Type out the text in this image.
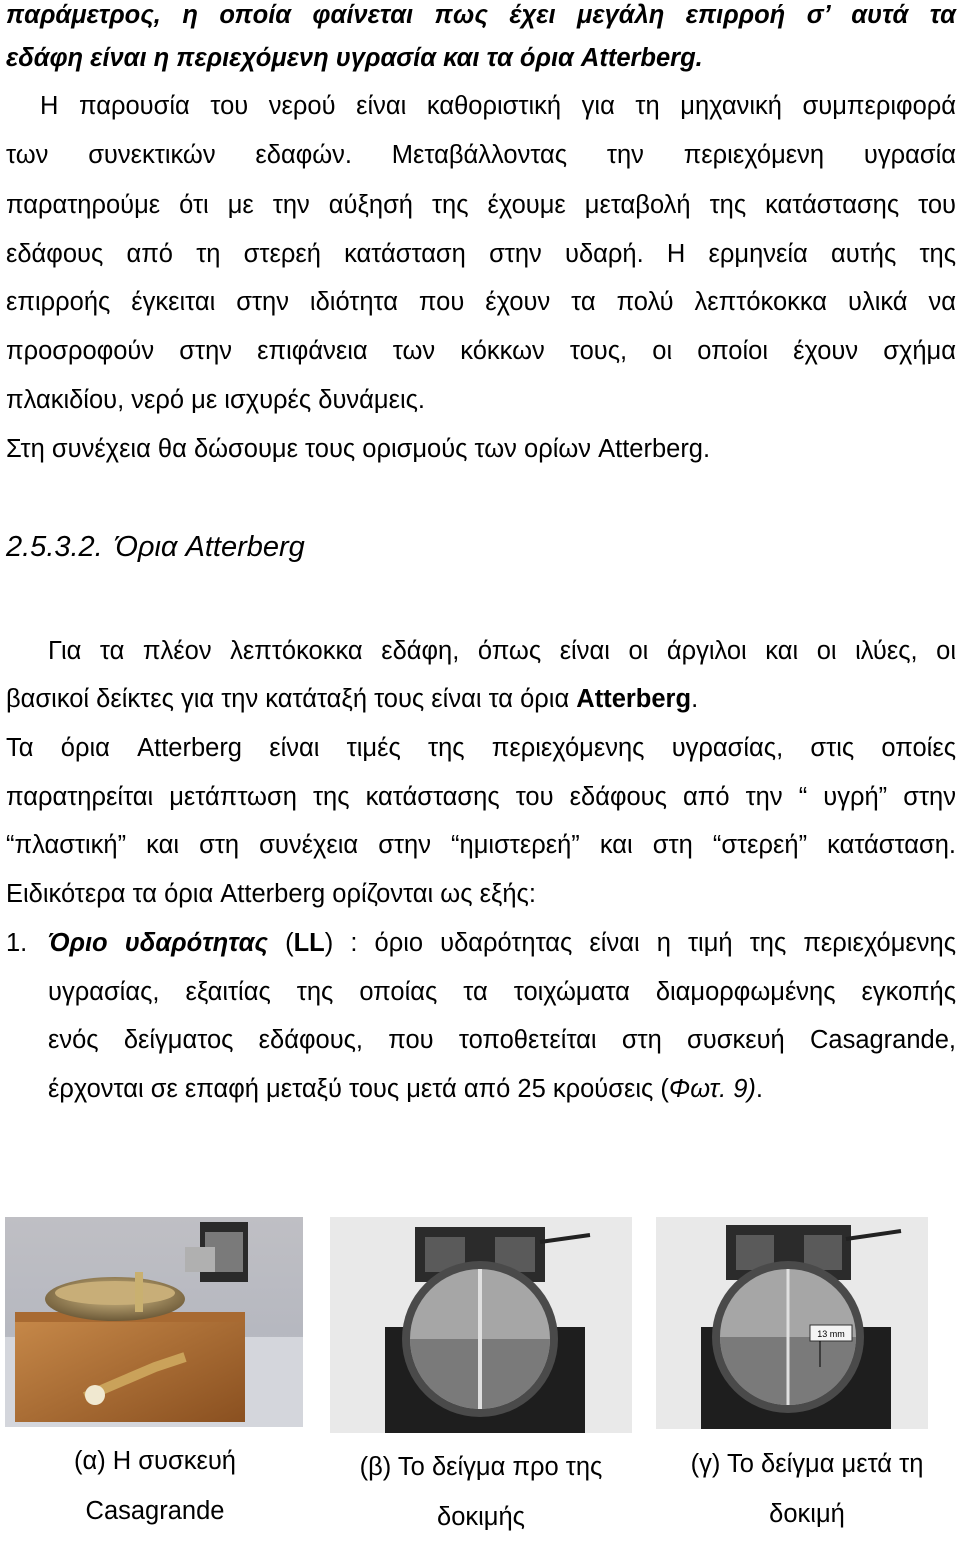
παράμετρος, η οποία φαίνεται πως έχει μεγάλη επιρροή σ’ αυτά τα
εδάφη είναι η περιεχόμενη υγρασία και τα όρια Atterberg.
Η παρουσία του νερού είναι καθοριστική για τη μηχανική συμπεριφορά
των συνεκτικών εδαφών. Μεταβάλλοντας την περιεχόμενη υγρασία
παρατηρούμε ότι με την αύξησή της έχουμε μεταβολή της κατάστασης του
εδάφους από τη στερεή κατάσταση στην υδαρή. Η ερμηνεία αυτής της
επιρροής έγκειται στην ιδιότητα που έχουν τα πολύ λεπτόκοκκα υλικά να
προσροφούν στην επιφάνεια των κόκκων τους, οι οποίοι έχουν σχήμα
πλακιδίου, νερό με ισχυρές δυνάμεις.
Στη συνέχεια θα δώσουμε τους ορισμούς των ορίων Atterberg.
2.5.3.2. Όρια Atterberg
Για τα πλέον λεπτόκοκκα εδάφη, όπως είναι οι άργιλοι και οι ιλύες, οι
βασικοί δείκτες για την κατάταξή τους είναι τα όρια Atterberg.
Τα όρια Atterberg είναι τιμές της περιεχόμενης υγρασίας, στις οποίες
παρατηρείται μετάπτωση της κατάστασης του εδάφους από την “ υγρή” στην
“πλαστική” και στη συνέχεια στην “ημιστερεή” και στη “στερεή” κατάσταση.
Ειδικότερα τα όρια Atterberg ορίζονται ως εξής:
1. Όριο υδαρότητας (LL) : όριο υδαρότητας είναι η τιμή της περιεχόμενης
υγρασίας, εξαιτίας της οποίας τα τοιχώματα διαμορφωμένης εγκοπής
ενός δείγματος εδάφους, που τοποθετείται στη συσκευή Casagrande,
έρχονται σε επαφή μεταξύ τους μετά από 25 κρούσεις (Φωτ. 9).
13 mm
(α) Η συσκευή
Casagrande
(β) Το δείγμα προ της
δοκιμής
(γ) Το δείγμα μετά τη
δοκιμή
